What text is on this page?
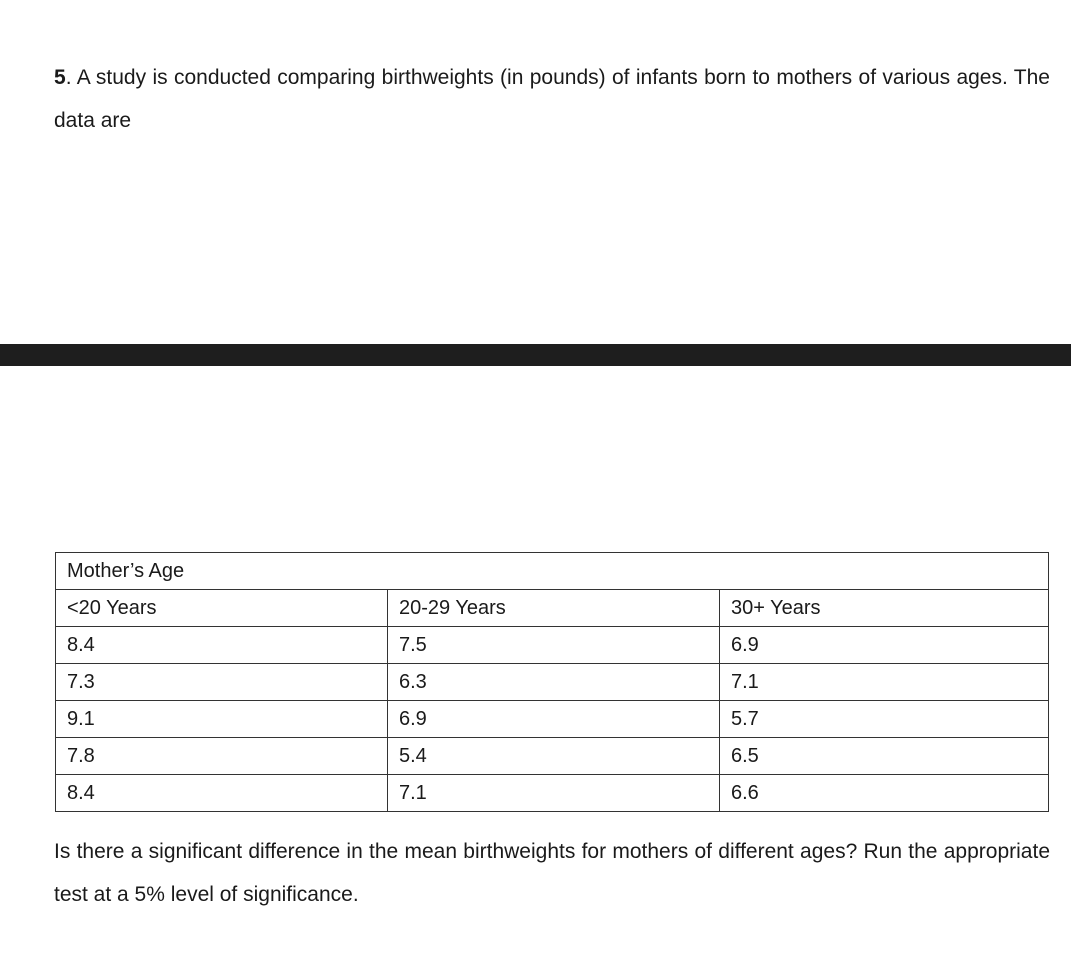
5. A study is conducted comparing birthweights (in pounds) of infants born to mothers of various ages. The data are

Mother’s Age		
<20 Years	20-29 Years	30+ Years
8.4	7.5	6.9
7.3	6.3	7.1
9.1	6.9	5.7
7.8	5.4	6.5
8.4	7.1	6.6

Is there a significant difference in the mean birthweights for mothers of different ages? Run the appropriate test at a 5% level of significance.
